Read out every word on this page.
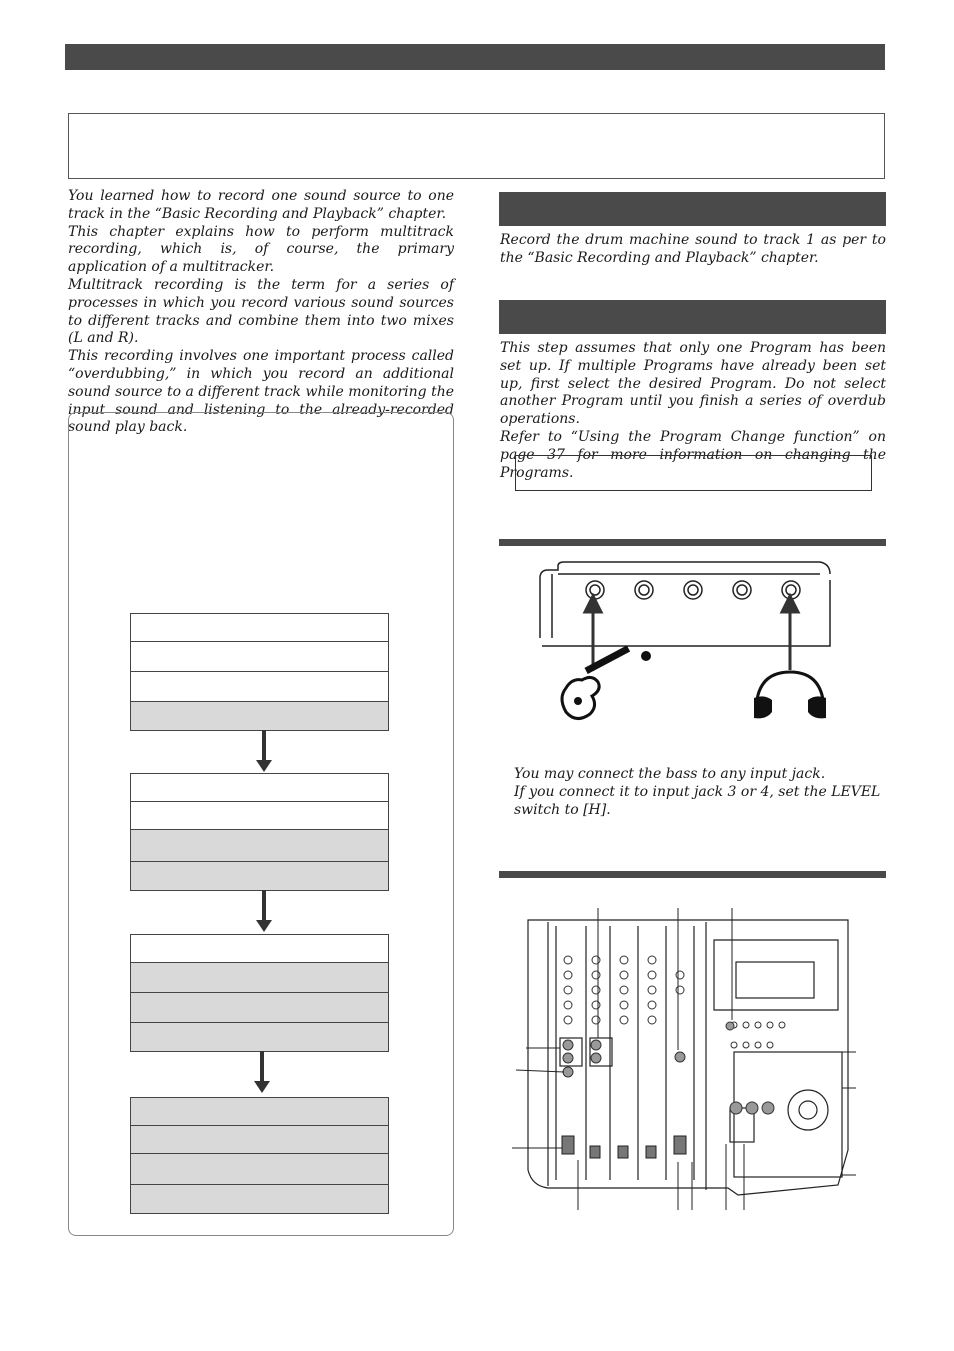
You learned how to record one sound source to one track in the “Basic Recording and Playback” chapter.

This chapter explains how to perform multitrack recording, which is, of course, the primary application of a multitracker.

Multitrack recording is the term for a series of processes in which you record various sound sources to different tracks and combine them into two mixes (L and R).

This recording involves one important process called “overdubbing,” in which you record an additional sound source to a different track while monitoring the input sound and listening to the already-recorded sound play back.

Record the drum machine sound to track 1 as per to the “Basic Recording and Playback” chapter.

This step assumes that only one Program has been set up. If multiple Programs have already been set up, first select the desired Program. Do not select another Program until you finish a series of overdub operations.

Refer to “Using the Program Change function” on page 37 for more information on changing the Programs.

You may connect the bass to any input jack.

If you connect it to input jack 3 or 4, set the LEVEL switch to [H].
